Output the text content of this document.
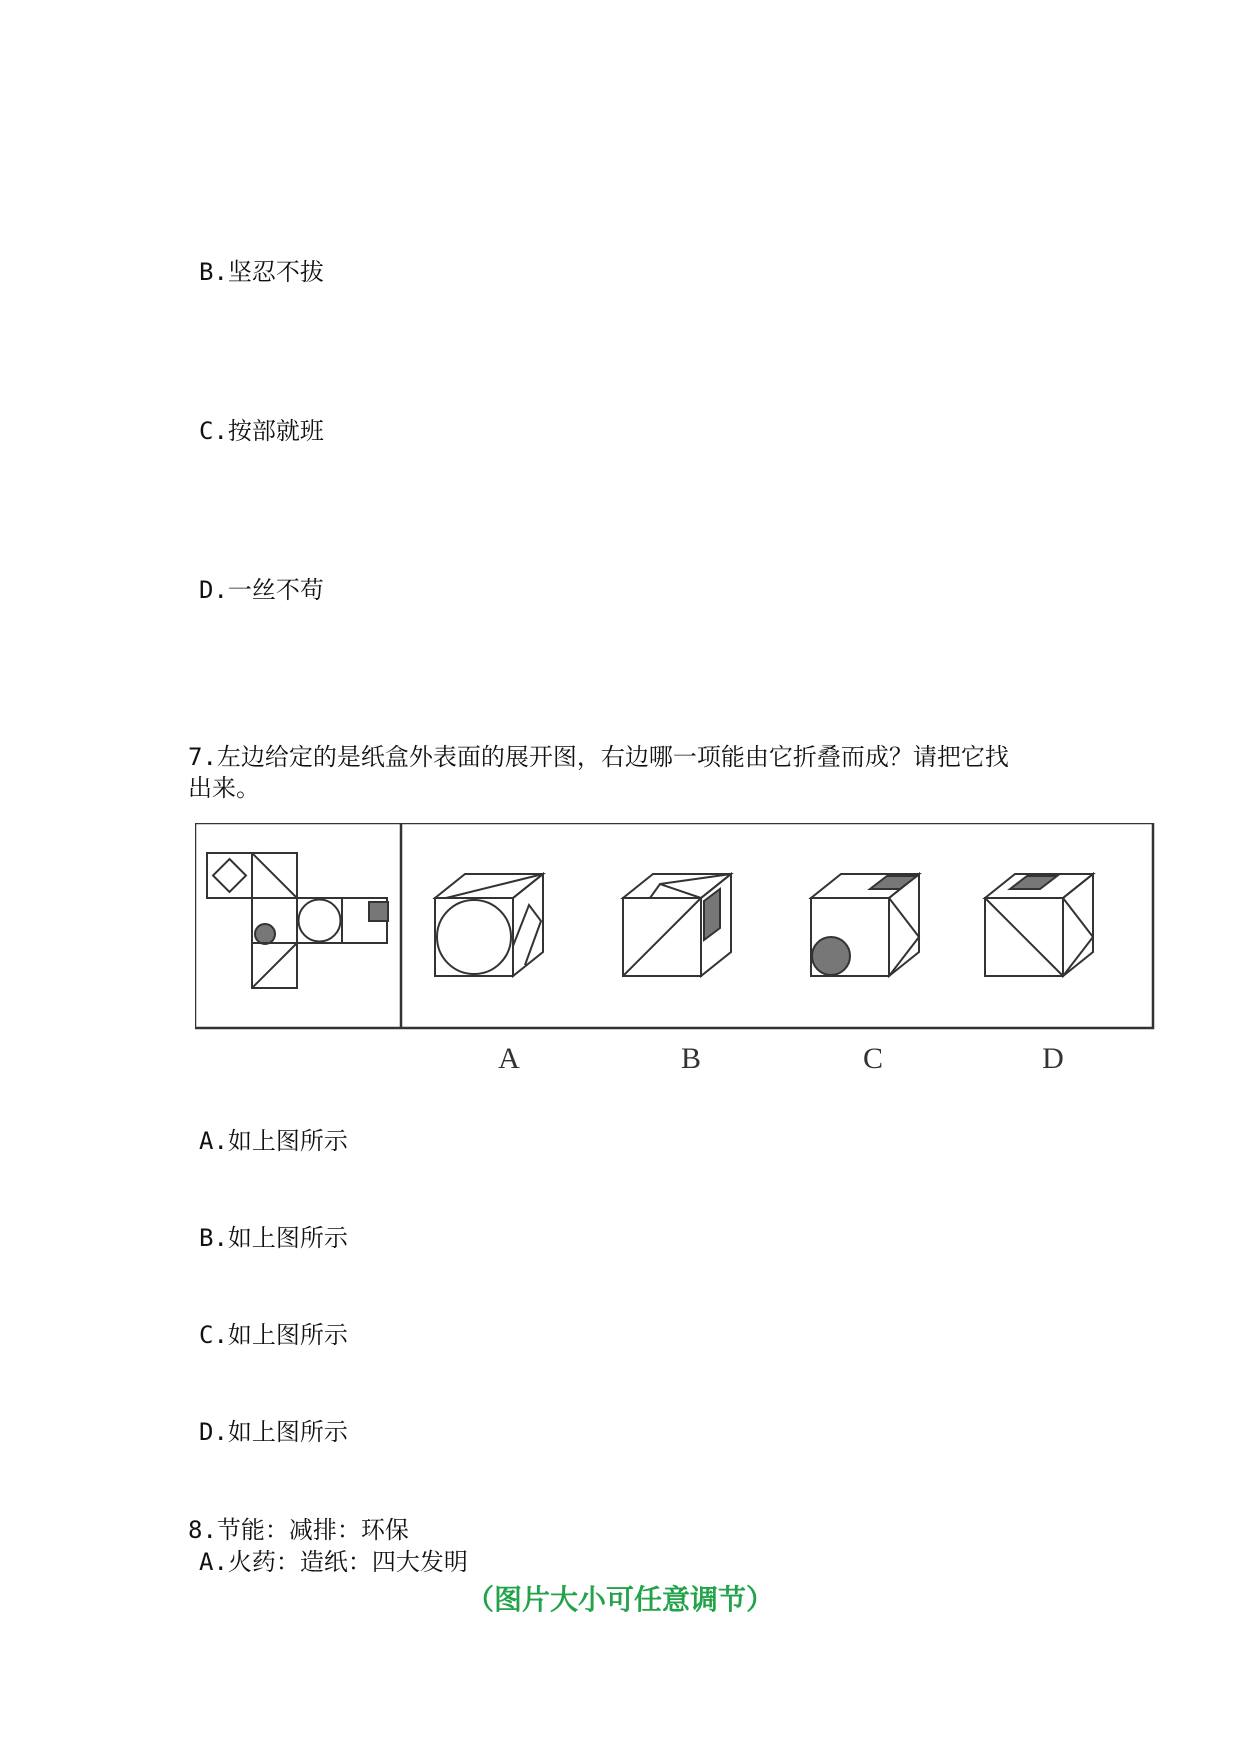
B.坚忍不拔
C.按部就班
D.一丝不苟
7.左边给定的是纸盒外表面的展开图，右边哪一项能由它折叠而成？请把它找
出来。
A	B	C	D
A.如上图所示
B.如上图所示
C.如上图所示
D.如上图所示
8.节能：减排：环保
A.火药：造纸：四大发明
（图片大小可任意调节）
